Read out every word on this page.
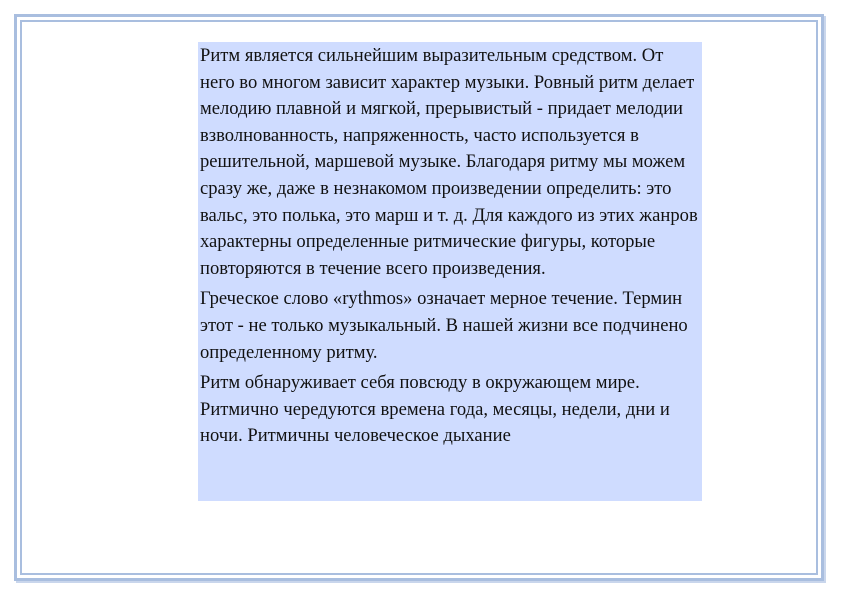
Ритм является сильнейшим выразительным средством. От него во многом зависит характер музыки. Ровный ритм делает мелодию плавной и мягкой, прерывистый - придает мелодии взволнованность, напряженность, часто используется в решительной, маршевой музыке. Благодаря ритму мы можем сразу же, даже в незнакомом произведении определить: это вальс, это полька, это марш и т. д. Для каждого из этих жанров характерны определенные ритмические фигуры, которые повторяются в течение всего произведения.

Греческое слово «rythmos» означает мерное течение. Термин этот - не только музыкальный. В нашей жизни все подчинено определенному ритму.

Ритм обнаруживает себя повсюду в окружающем мире. Ритмично чередуются времена года, месяцы, недели, дни и ночи. Ритмичны человеческое дыхание
